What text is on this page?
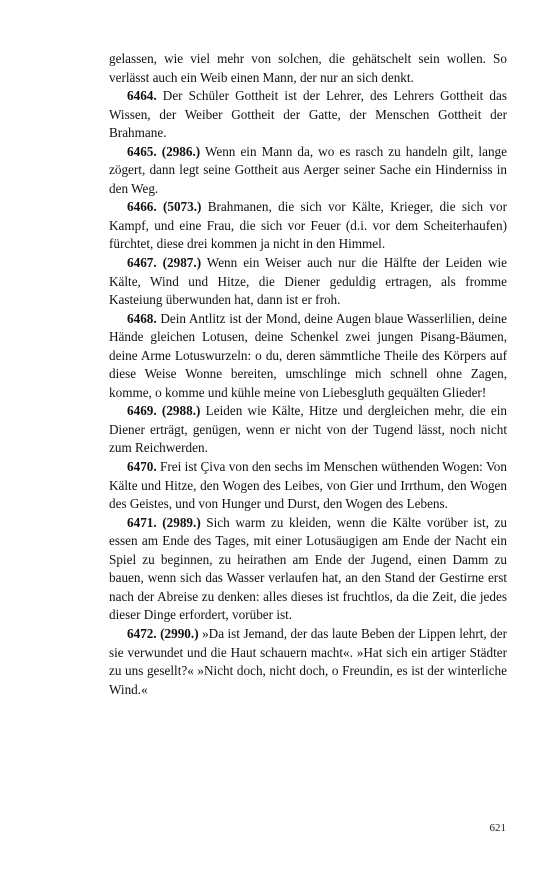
gelassen, wie viel mehr von solchen, die gehätschelt sein wollen. So verlässt auch ein Weib einen Mann, der nur an sich denkt.

6464. Der Schüler Gottheit ist der Lehrer, des Lehrers Gottheit das Wissen, der Weiber Gottheit der Gatte, der Menschen Gottheit der Brahmane.

6465. (2986.) Wenn ein Mann da, wo es rasch zu handeln gilt, lange zögert, dann legt seine Gottheit aus Aerger seiner Sache ein Hinderniss in den Weg.

6466. (5073.) Brahmanen, die sich vor Kälte, Krieger, die sich vor Kampf, und eine Frau, die sich vor Feuer (d.i. vor dem Scheiterhaufen) fürchtet, diese drei kommen ja nicht in den Himmel.

6467. (2987.) Wenn ein Weiser auch nur die Hälfte der Leiden wie Kälte, Wind und Hitze, die Diener geduldig ertragen, als fromme Kasteiung überwunden hat, dann ist er froh.

6468. Dein Antlitz ist der Mond, deine Augen blaue Wasserlilien, deine Hände gleichen Lotusen, deine Schenkel zwei jungen Pisang-Bäumen, deine Arme Lotuswurzeln: o du, deren sämmtliche Theile des Körpers auf diese Weise Wonne bereiten, umschlinge mich schnell ohne Zagen, komme, o komme und kühle meine von Liebesgluth gequälten Glieder!

6469. (2988.) Leiden wie Kälte, Hitze und dergleichen mehr, die ein Diener erträgt, genügen, wenn er nicht von der Tugend lässt, noch nicht zum Reichwerden.

6470. Frei ist Çiva von den sechs im Menschen wüthenden Wogen: Von Kälte und Hitze, den Wogen des Leibes, von Gier und Irrthum, den Wogen des Geistes, und von Hunger und Durst, den Wogen des Lebens.

6471. (2989.) Sich warm zu kleiden, wenn die Kälte vorüber ist, zu essen am Ende des Tages, mit einer Lotusäugigen am Ende der Nacht ein Spiel zu beginnen, zu heirathen am Ende der Jugend, einen Damm zu bauen, wenn sich das Wasser verlaufen hat, an den Stand der Gestirne erst nach der Abreise zu denken: alles dieses ist fruchtlos, da die Zeit, die jedes dieser Dinge erfordert, vorüber ist.

6472. (2990.) »Da ist Jemand, der das laute Beben der Lippen lehrt, der sie verwundet und die Haut schauern macht«. »Hat sich ein artiger Städter zu uns gesellt?« »Nicht doch, nicht doch, o Freundin, es ist der winterliche Wind.«

621
